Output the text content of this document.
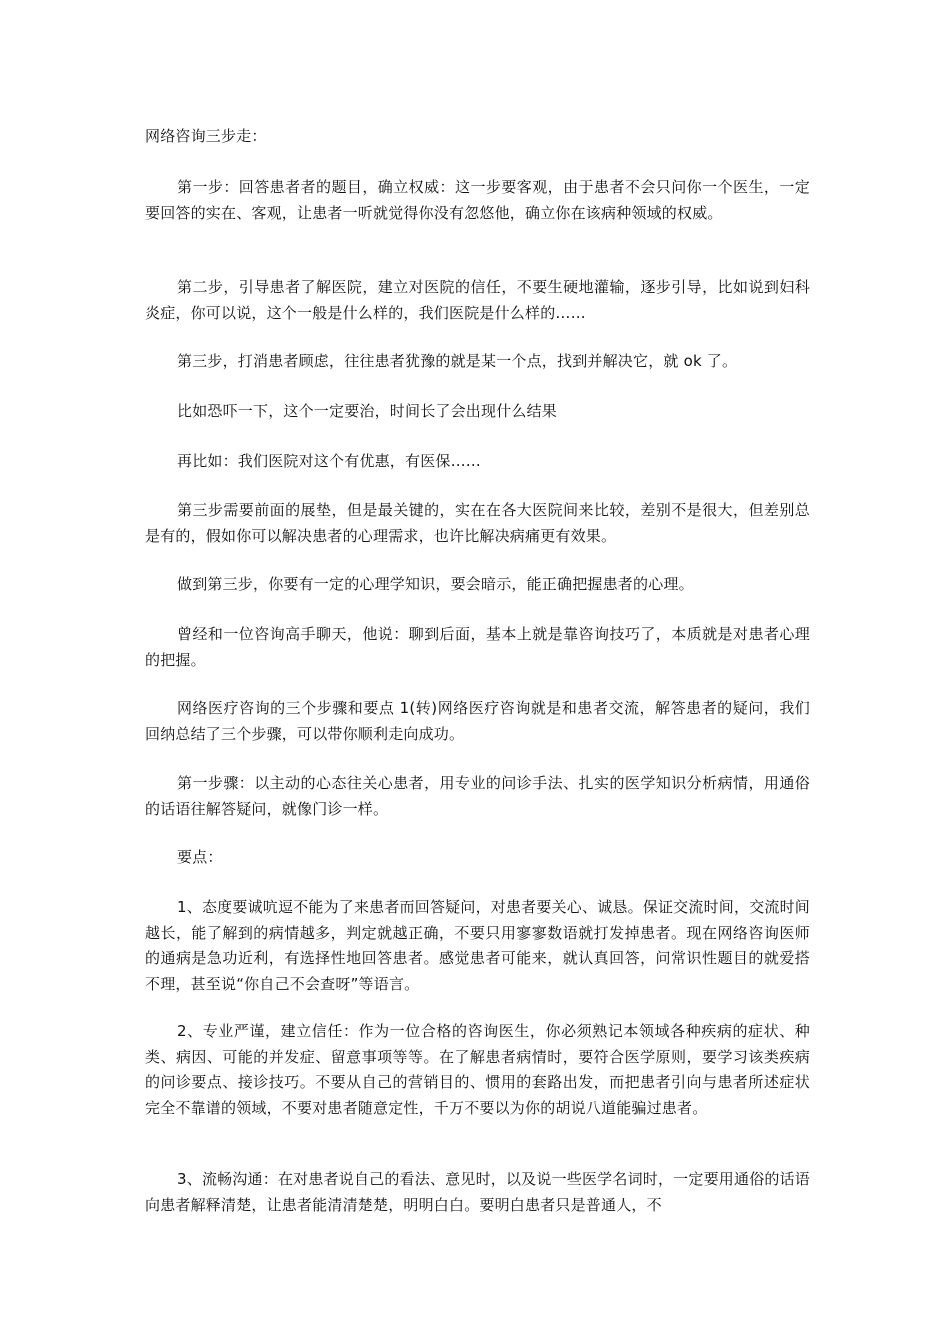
网络咨询三步走：

第一步：回答患者者的题目，确立权威：这一步要客观，由于患者不会只问你一个医生，一定要回答的实在、客观，让患者一听就觉得你没有忽悠他，确立你在该病种领域的权威。

第二步，引导患者了解医院，建立对医院的信任，不要生硬地灌输，逐步引导，比如说到妇科炎症，你可以说，这个一般是什么样的，我们医院是什么样的……

第三步，打消患者顾虑，往往患者犹豫的就是某一个点，找到并解决它，就 ok 了。

比如恐吓一下，这个一定要治，时间长了会出现什么结果

再比如：我们医院对这个有优惠，有医保……

第三步需要前面的展垫，但是最关键的，实在在各大医院间来比较，差别不是很大，但差别总是有的，假如你可以解决患者的心理需求，也许比解决病痛更有效果。

做到第三步，你要有一定的心理学知识，要会暗示，能正确把握患者的心理。

曾经和一位咨询高手聊天，他说：聊到后面，基本上就是靠咨询技巧了，本质就是对患者心理的把握。

网络医疗咨询的三个步骤和要点 1(转)网络医疗咨询就是和患者交流，解答患者的疑问，我们回纳总结了三个步骤，可以带你顺利走向成功。

第一步骤：以主动的心态往关心患者，用专业的问诊手法、扎实的医学知识分析病情，用通俗的话语往解答疑问，就像门诊一样。

要点：

1、态度要诚吭逗不能为了来患者而回答疑问，对患者要关心、诚恳。保证交流时间，交流时间越长，能了解到的病情越多，判定就越正确，不要只用寥寥数语就打发掉患者。现在网络咨询医师的通病是急功近利，有选择性地回答患者。感觉患者可能来，就认真回答，问常识性题目的就爱搭不理，甚至说“你自己不会查呀”等语言。

2、专业严谨，建立信任：作为一位合格的咨询医生，你必须熟记本领域各种疾病的症状、种类、病因、可能的并发症、留意事项等等。在了解患者病情时，要符合医学原则，要学习该类疾病的问诊要点、接诊技巧。不要从自己的营销目的、惯用的套路出发，而把患者引向与患者所述症状完全不靠谱的领域，不要对患者随意定性，千万不要以为你的胡说八道能骗过患者。

3、流畅沟通：在对患者说自己的看法、意见时，以及说一些医学名词时，一定要用通俗的话语向患者解释清楚，让患者能清清楚楚，明明白白。要明白患者只是普通人，不
